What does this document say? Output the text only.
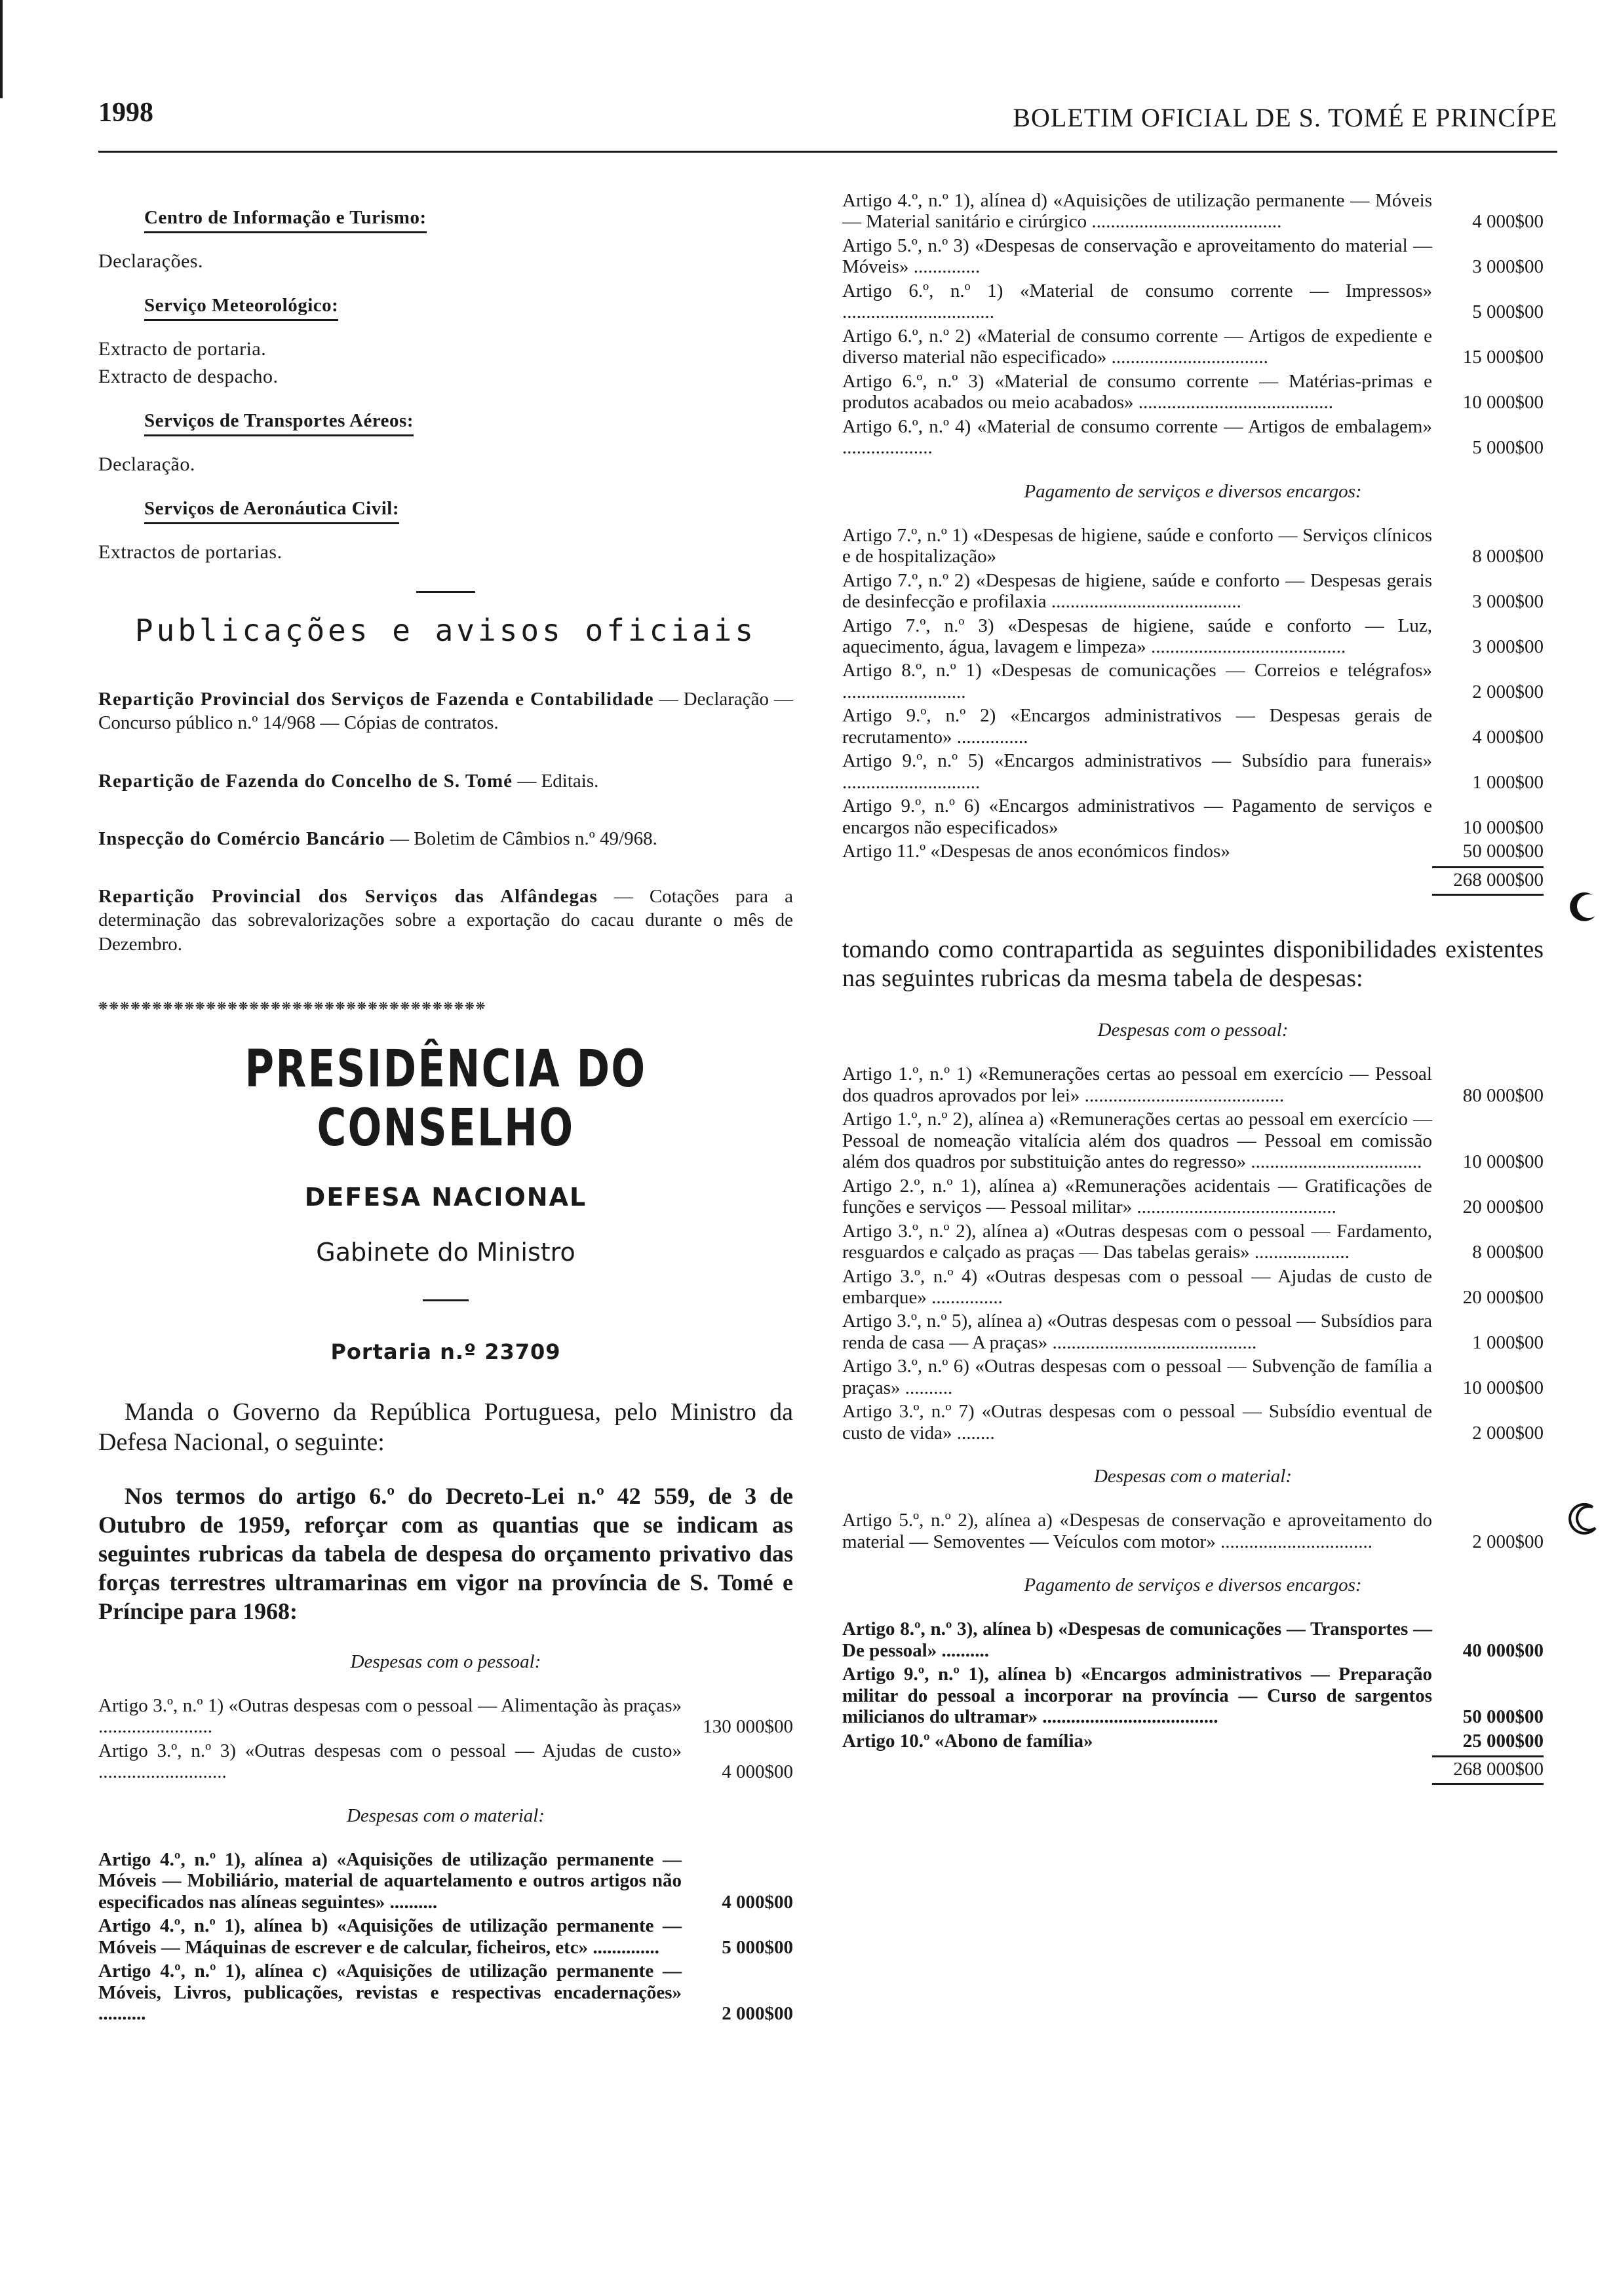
1998	BOLETIM OFICIAL DE S. TOMÉ E PRINCÍPE
Centro de Informação e Turismo:
Declarações.
Serviço Meteorológico:
Extracto de portaria.
Extracto de despacho.
Serviços de Transportes Aéreos:
Declaração.
Serviços de Aeronáutica Civil:
Extractos de portarias.
Publicações e avisos oficiais
Repartição Provincial dos Serviços de Fazenda e Contabilidade — Declaração — Concurso público n.º 14/968 — Cópias de contratos.
Repartição de Fazenda do Concelho de S. Tomé — Editais.
Inspecção do Comércio Bancário — Boletim de Câmbios n.º 49/968.
Repartição Provincial dos Serviços das Alfândegas — Cotações para a determinação das sobrevalorizações sobre a exportação do cacau durante o mês de Dezembro.
❋❋❋❋❋❋❋❋❋❋❋❋❋❋❋❋❋❋❋❋❋❋❋❋❋❋❋❋❋❋❋❋❋❋❋❋
PRESIDÊNCIA DO CONSELHO
DEFESA NACIONAL
Gabinete do Ministro
Portaria n.º 23709
Manda o Governo da República Portuguesa, pelo Ministro da Defesa Nacional, o seguinte:
Nos termos do artigo 6.º do Decreto-Lei n.º 42 559, de 3 de Outubro de 1959, reforçar com as quantias que se indicam as seguintes rubricas da tabela de despesa do orçamento privativo das forças terrestres ultramarinas em vigor na província de S. Tomé e Príncipe para 1968:
Despesas com o pessoal:
Artigo 3.º, n.º 1) «Outras despesas com o pessoal — Alimentação às praças» ........................	130 000$00
Artigo 3.º, n.º 3) «Outras despesas com o pessoal — Ajudas de custo» ...........................	4 000$00
Despesas com o material:
Artigo 4.º, n.º 1), alínea a) «Aquisições de utilização permanente — Móveis — Mobiliário, material de aquartelamento e outros artigos não especificados nas alíneas seguintes» ..........	4 000$00
Artigo 4.º, n.º 1), alínea b) «Aquisições de utilização permanente — Móveis — Máquinas de escrever e de calcular, ficheiros, etc» ..............	5 000$00
Artigo 4.º, n.º 1), alínea c) «Aquisições de utilização permanente — Móveis, Livros, publicações, revistas e respectivas encadernações» ..........	2 000$00
Artigo 4.º, n.º 1), alínea d) «Aquisições de utilização permanente — Móveis — Material sanitário e cirúrgico ........................................	4 000$00
Artigo 5.º, n.º 3) «Despesas de conservação e aproveitamento do material — Móveis» ..............	3 000$00
Artigo 6.º, n.º 1) «Material de consumo corrente — Impressos» ................................	5 000$00
Artigo 6.º, n.º 2) «Material de consumo corrente — Artigos de expediente e diverso material não especificado» .................................	15 000$00
Artigo 6.º, n.º 3) «Material de consumo corrente — Matérias-primas e produtos acabados ou meio acabados» .........................................	10 000$00
Artigo 6.º, n.º 4) «Material de consumo corrente — Artigos de embalagem» ...................	5 000$00
Pagamento de serviços e diversos encargos:
Artigo 7.º, n.º 1) «Despesas de higiene, saúde e conforto — Serviços clínicos e de hospitalização»	8 000$00
Artigo 7.º, n.º 2) «Despesas de higiene, saúde e conforto — Despesas gerais de desinfecção e profilaxia ........................................	3 000$00
Artigo 7.º, n.º 3) «Despesas de higiene, saúde e conforto — Luz, aquecimento, água, lavagem e limpeza» .........................................	3 000$00
Artigo 8.º, n.º 1) «Despesas de comunicações — Correios e telégrafos» ..........................	2 000$00
Artigo 9.º, n.º 2) «Encargos administrativos — Despesas gerais de recrutamento» ...............	4 000$00
Artigo 9.º, n.º 5) «Encargos administrativos — Subsídio para funerais» .............................	1 000$00
Artigo 9.º, n.º 6) «Encargos administrativos — Pagamento de serviços e encargos não especificados»	10 000$00
Artigo 11.º «Despesas de anos económicos findos»	50 000$00
268 000$00
tomando como contrapartida as seguintes disponibilidades existentes nas seguintes rubricas da mesma tabela de despesas:
Despesas com o pessoal:
Artigo 1.º, n.º 1) «Remunerações certas ao pessoal em exercício — Pessoal dos quadros aprovados por lei» ..........................................	80 000$00
Artigo 1.º, n.º 2), alínea a) «Remunerações certas ao pessoal em exercício — Pessoal de nomeação vitalícia além dos quadros — Pessoal em comissão além dos quadros por substituição antes do regresso» ....................................	10 000$00
Artigo 2.º, n.º 1), alínea a) «Remunerações acidentais — Gratificações de funções e serviços — Pessoal militar» ..........................................	20 000$00
Artigo 3.º, n.º 2), alínea a) «Outras despesas com o pessoal — Fardamento, resguardos e calçado as praças — Das tabelas gerais» ....................	8 000$00
Artigo 3.º, n.º 4) «Outras despesas com o pessoal — Ajudas de custo de embarque» ...............	20 000$00
Artigo 3.º, n.º 5), alínea a) «Outras despesas com o pessoal — Subsídios para renda de casa — A praças» ...........................................	1 000$00
Artigo 3.º, n.º 6) «Outras despesas com o pessoal — Subvenção de família a praças» ..........	10 000$00
Artigo 3.º, n.º 7) «Outras despesas com o pessoal — Subsídio eventual de custo de vida» ........	2 000$00
Despesas com o material:
Artigo 5.º, n.º 2), alínea a) «Despesas de conservação e aproveitamento do material — Semoventes — Veículos com motor» ................................	2 000$00
Pagamento de serviços e diversos encargos:
Artigo 8.º, n.º 3), alínea b) «Despesas de comunicações — Transportes — De pessoal» ..........	40 000$00
Artigo 9.º, n.º 1), alínea b) «Encargos administrativos — Preparação militar do pessoal a incorporar na província — Curso de sargentos milicianos do ultramar» .....................................	50 000$00
Artigo 10.º «Abono de família»	25 000$00
268 000$00
